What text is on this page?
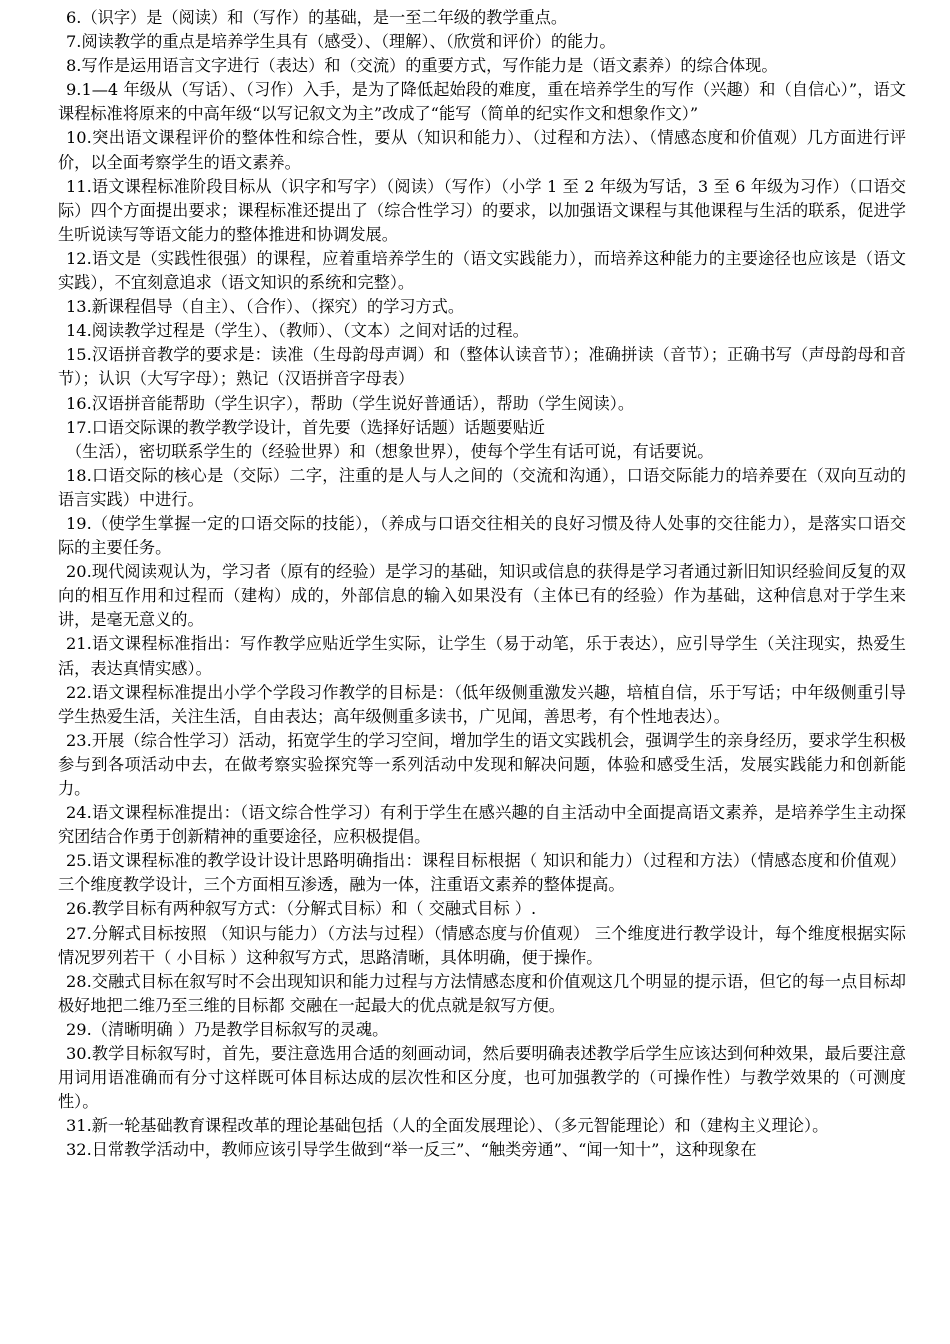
6.（识字）是（阅读）和（写作）的基础，是一至二年级的教学重点。

7.阅读教学的重点是培养学生具有（感受）、（理解）、（欣赏和评价）的能力。

8.写作是运用语言文字进行（表达）和（交流）的重要方式，写作能力是（语文素养）的综合体现。

9.1—4 年级从（写话）、（习作）入手，是为了降低起始段的难度，重在培养学生的写作（兴趣）和（自信心）”，语文课程标准将原来的中高年级“以写记叙文为主”改成了“能写（简单的纪实作文和想象作文）”

10.突出语文课程评价的整体性和综合性，要从（知识和能力）、（过程和方法）、（情感态度和价值观）几方面进行评价，以全面考察学生的语文素养。

11.语文课程标准阶段目标从（识字和写字）（阅读）（写作）（小学 1 至 2 年级为写话，3 至 6 年级为习作）（口语交际）四个方面提出要求；课程标准还提出了（综合性学习）的要求，以加强语文课程与其他课程与生活的联系，促进学生听说读写等语文能力的整体推进和协调发展。

12.语文是（实践性很强）的课程，应着重培养学生的（语文实践能力），而培养这种能力的主要途径也应该是（语文实践），不宜刻意追求（语文知识的系统和完整）。

13.新课程倡导（自主）、（合作）、（探究）的学习方式。

14.阅读教学过程是（学生）、（教师）、（文本）之间对话的过程。

15.汉语拼音教学的要求是：读准（生母韵母声调）和（整体认读音节）；准确拼读（音节）；正确书写（声母韵母和音节）；认识（大写字母）；熟记（汉语拼音字母表）

16.汉语拼音能帮助（学生识字），帮助（学生说好普通话），帮助（学生阅读）。

17.口语交际课的教学教学设计，首先要（选择好话题）话题要贴近

（生活），密切联系学生的（经验世界）和（想象世界），使每个学生有话可说，有话要说。

18.口语交际的核心是（交际）二字，注重的是人与人之间的（交流和沟通），口语交际能力的培养要在（双向互动的语言实践）中进行。

19.（使学生掌握一定的口语交际的技能），（养成与口语交往相关的良好习惯及待人处事的交往能力），是落实口语交际的主要任务。

20.现代阅读观认为，学习者（原有的经验）是学习的基础，知识或信息的获得是学习者通过新旧知识经验间反复的双向的相互作用和过程而（建构）成的，外部信息的输入如果没有（主体已有的经验）作为基础，这种信息对于学生来讲，是毫无意义的。

21.语文课程标准指出：写作教学应贴近学生实际，让学生（易于动笔，乐于表达），应引导学生（关注现实，热爱生活，表达真情实感）。

22.语文课程标准提出小学个学段习作教学的目标是：（低年级侧重激发兴趣，培植自信，乐于写话；中年级侧重引导学生热爱生活，关注生活，自由表达；高年级侧重多读书，广见闻，善思考，有个性地表达）。

23.开展（综合性学习）活动，拓宽学生的学习空间，增加学生的语文实践机会，强调学生的亲身经历，要求学生积极参与到各项活动中去，在做考察实验探究等一系列活动中发现和解决问题，体验和感受生活，发展实践能力和创新能力。

24.语文课程标准提出：（语文综合性学习）有利于学生在感兴趣的自主活动中全面提高语文素养，是培养学生主动探究团结合作勇于创新精神的重要途径，应积极提倡。

25.语文课程标准的教学设计设计思路明确指出：课程目标根据（ 知识和能力）（过程和方法）（情感态度和价值观）三个维度教学设计，三个方面相互渗透，融为一体，注重语文素养的整体提高。

26.教学目标有两种叙写方式：（分解式目标）和（ 交融式目标 ）.

27.分解式目标按照 （知识与能力）（方法与过程）（情感态度与价值观） 三个维度进行教学设计，每个维度根据实际情况罗列若干（ 小目标 ）这种叙写方式，思路清晰，具体明确，便于操作。

28.交融式目标在叙写时不会出现知识和能力过程与方法情感态度和价值观这几个明显的提示语，但它的每一点目标却极好地把二维乃至三维的目标都 交融在一起最大的优点就是叙写方便。

29.（清晰明确 ）乃是教学目标叙写的灵魂。

30.教学目标叙写时，首先，要注意选用合适的刻画动词，然后要明确表述教学后学生应该达到何种效果，最后要注意用词用语准确而有分寸这样既可体目标达成的层次性和区分度，也可加强教学的（可操作性）与教学效果的（可测度性）。

31.新一轮基础教育课程改革的理论基础包括（人的全面发展理论）、（多元智能理论）和（建构主义理论）。

32.日常教学活动中，教师应该引导学生做到“举一反三”、“触类旁通”、“闻一知十”，这种现象在
